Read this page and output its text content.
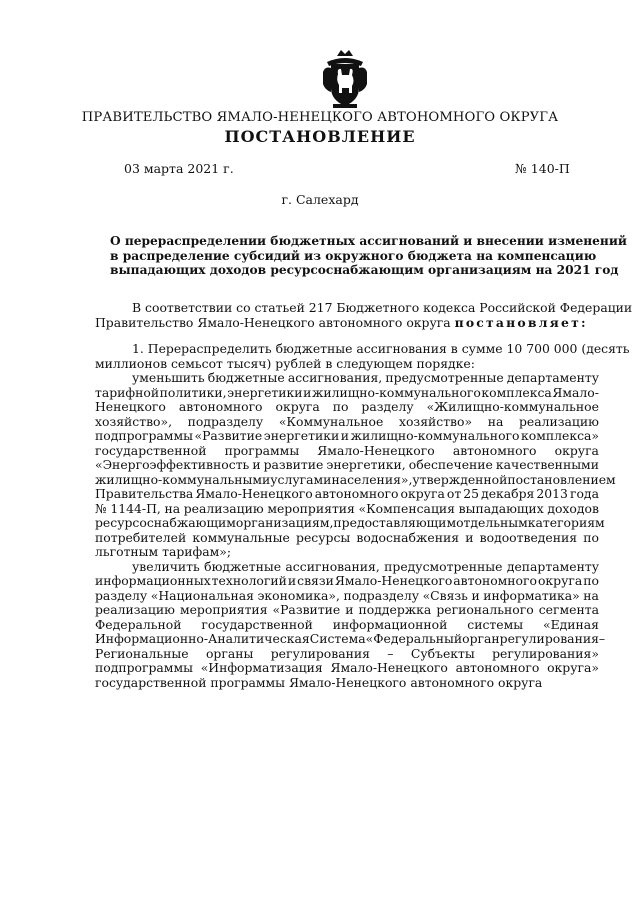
ПРАВИТЕЛЬСТВО ЯМАЛО-НЕНЕЦКОГО АВТОНОМНОГО ОКРУГА
ПОСТАНОВЛЕНИЕ
03 марта 2021 г.	№ 140-П
г. Салехард
О перераспределении бюджетных ассигнований и внесении изменений
в распределение субсидий из окружного бюджета на компенсацию
выпадающих доходов ресурсоснабжающим организациям на 2021 год
В соответствии со статьей 217 Бюджетного кодекса Российской Федерации
Правительство Ямало-Ненецкого автономного округа постановляет:
1. Перераспределить бюджетные ассигнования в сумме 10 700 000 (десять
миллионов семьсот тысяч) рублей в следующем порядке:
уменьшить бюджетные ассигнования, предусмотренные департаменту
тарифной политики, энергетики и жилищно-коммунального комплекса Ямало-
Ненецкого автономного округа по разделу «Жилищно-коммунальное
хозяйство», подразделу «Коммунальное хозяйство» на реализацию
подпрограммы «Развитие энергетики и жилищно-коммунального комплекса»
государственной программы Ямало-Ненецкого автономного округа
«Энергоэффективность и развитие энергетики, обеспечение качественными
жилищно-коммунальными услугами населения», утвержденной постановлением
Правительства Ямало-Ненецкого автономного округа от 25 декабря 2013 года
№ 1144-П, на реализацию мероприятия «Компенсация выпадающих доходов
ресурсоснабжающим организациям, предоставляющим отдельным категориям
потребителей коммунальные ресурсы водоснабжения и водоотведения по
льготным тарифам»;
увеличить бюджетные ассигнования, предусмотренные департаменту
информационных технологий и связи Ямало-Ненецкого автономного округа по
разделу «Национальная экономика», подразделу «Связь и информатика» на
реализацию мероприятия «Развитие и поддержка регионального сегмента
Федеральной государственной информационной системы «Единая
Информационно-Аналитическая Система «Федеральный орган регулирования –
Региональные органы регулирования – Субъекты регулирования»
подпрограммы «Информатизация Ямало-Ненецкого автономного округа»
государственной программы Ямало-Ненецкого автономного округа
